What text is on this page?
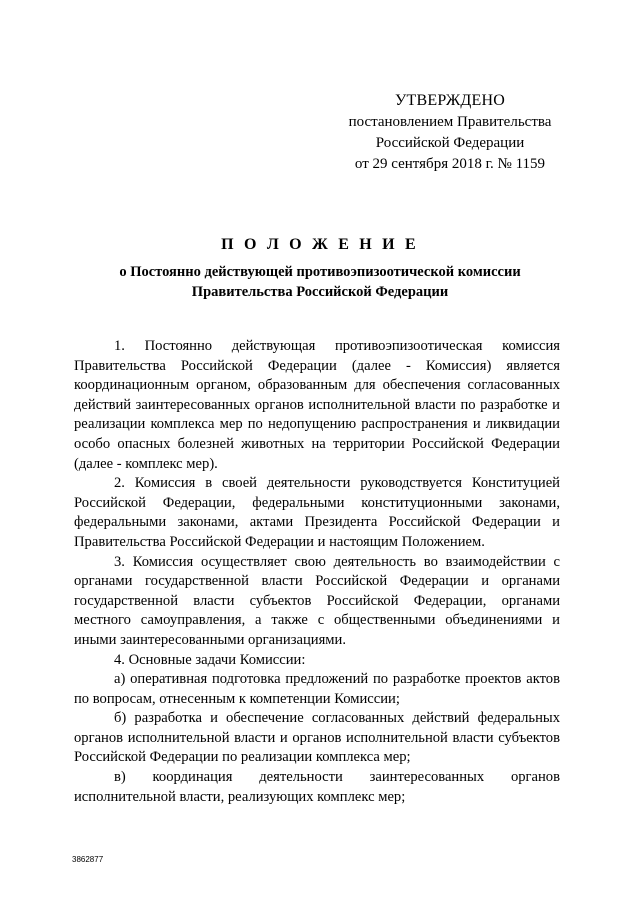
УТВЕРЖДЕНО
постановлением Правительства
Российской Федерации
от 29 сентября 2018 г. № 1159
П О Л О Ж Е Н И Е
о Постоянно действующей противоэпизоотической комиссии
Правительства Российской Федерации

1. Постоянно действующая противоэпизоотическая комиссия Правительства Российской Федерации (далее - Комиссия) является координационным органом, образованным для обеспечения согласованных действий заинтересованных органов исполнительной власти по разработке и реализации комплекса мер по недопущению распространения и ликвидации особо опасных болезней животных на территории Российской Федерации (далее - комплекс мер).

2. Комиссия в своей деятельности руководствуется Конституцией Российской Федерации, федеральными конституционными законами, федеральными законами, актами Президента Российской Федерации и Правительства Российской Федерации и настоящим Положением.

3. Комиссия осуществляет свою деятельность во взаимодействии с органами государственной власти Российской Федерации и органами государственной власти субъектов Российской Федерации, органами местного самоуправления, а также с общественными объединениями и иными заинтересованными организациями.

4. Основные задачи Комиссии:

а) оперативная подготовка предложений по разработке проектов актов по вопросам, отнесенным к компетенции Комиссии;

б) разработка и обеспечение согласованных действий федеральных органов исполнительной власти и органов исполнительной власти субъектов Российской Федерации по реализации комплекса мер;

в) координация деятельности заинтересованных органов исполнительной власти, реализующих комплекс мер;

3862877
